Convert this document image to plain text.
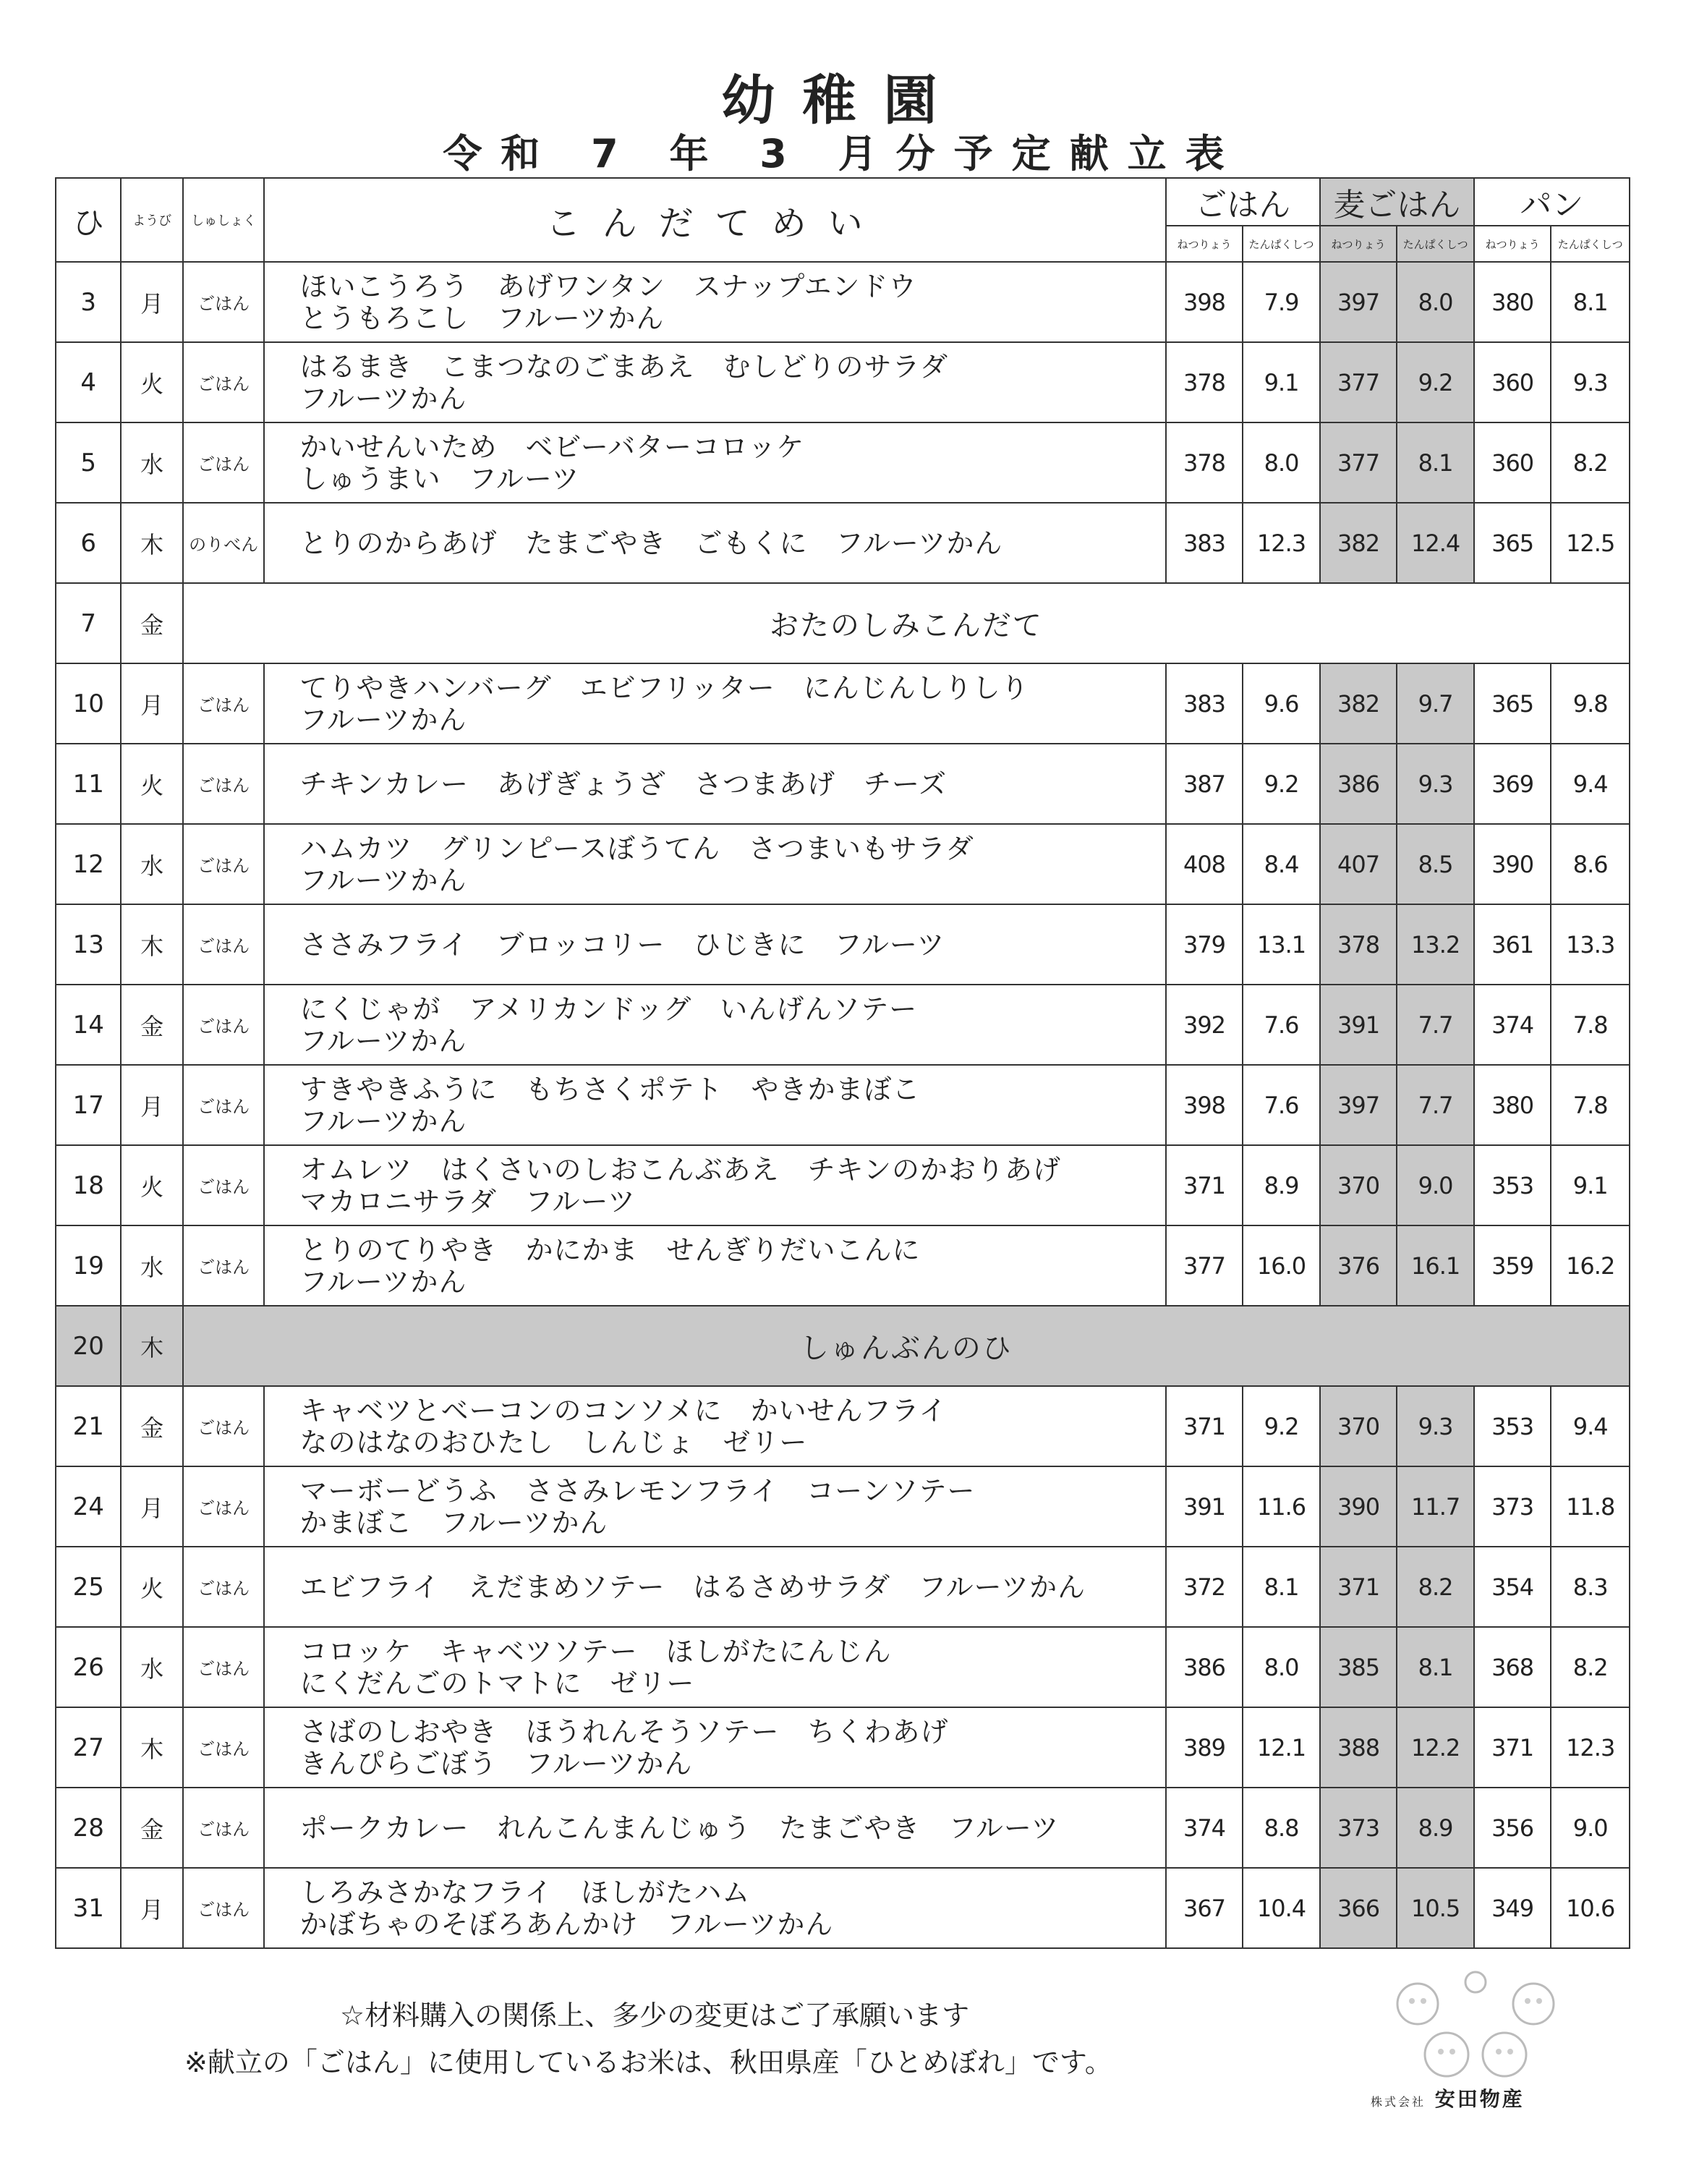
幼稚園
令和 7 年 3 月分予定献立表
ひ	ようび	しゅしょく	こんだてめい	ごはん		麦ごはん		パン	
				ねつりょう	たんぱくしつ	ねつりょう	たんぱくしつ	ねつりょう	たんぱくしつ
3	月	ごはん	ほいこうろう　あげワンタン　スナップエンドウ
とうもろこし　フルーツかん	398	7.9	397	8.0	380	8.1
4	火	ごはん	はるまき　こまつなのごまあえ　むしどりのサラダ
フルーツかん	378	9.1	377	9.2	360	9.3
5	水	ごはん	かいせんいため　ベビーバターコロッケ
しゅうまい　フルーツ	378	8.0	377	8.1	360	8.2
6	木	のりべん	とりのからあげ　たまごやき　ごもくに　フルーツかん	383	12.3	382	12.4	365	12.5
7	金	おたのしみこんだて							
10	月	ごはん	てりやきハンバーグ　エビフリッター　にんじんしりしり
フルーツかん	383	9.6	382	9.7	365	9.8
11	火	ごはん	チキンカレー　あげぎょうざ　さつまあげ　チーズ	387	9.2	386	9.3	369	9.4
12	水	ごはん	ハムカツ　グリンピースぼうてん　さつまいもサラダ
フルーツかん	408	8.4	407	8.5	390	8.6
13	木	ごはん	ささみフライ　ブロッコリー　ひじきに　フルーツ	379	13.1	378	13.2	361	13.3
14	金	ごはん	にくじゃが　アメリカンドッグ　いんげんソテー
フルーツかん	392	7.6	391	7.7	374	7.8
17	月	ごはん	すきやきふうに　もちさくポテト　やきかまぼこ
フルーツかん	398	7.6	397	7.7	380	7.8
18	火	ごはん	オムレツ　はくさいのしおこんぶあえ　チキンのかおりあげ
マカロニサラダ　フルーツ	371	8.9	370	9.0	353	9.1
19	水	ごはん	とりのてりやき　かにかま　せんぎりだいこんに
フルーツかん	377	16.0	376	16.1	359	16.2
20	木	しゅんぶんのひ							
21	金	ごはん	キャベツとベーコンのコンソメに　かいせんフライ
なのはなのおひたし　しんじょ　ゼリー	371	9.2	370	9.3	353	9.4
24	月	ごはん	マーボーどうふ　ささみレモンフライ　コーンソテー
かまぼこ　フルーツかん	391	11.6	390	11.7	373	11.8
25	火	ごはん	エビフライ　えだまめソテー　はるさめサラダ　フルーツかん	372	8.1	371	8.2	354	8.3
26	水	ごはん	コロッケ　キャベツソテー　ほしがたにんじん
にくだんごのトマトに　ゼリー	386	8.0	385	8.1	368	8.2
27	木	ごはん	さばのしおやき　ほうれんそうソテー　ちくわあげ
きんぴらごぼう　フルーツかん	389	12.1	388	12.2	371	12.3
28	金	ごはん	ポークカレー　れんこんまんじゅう　たまごやき　フルーツ	374	8.8	373	8.9	356	9.0
31	月	ごはん	しろみさかなフライ　ほしがたハム
かぼちゃのそぼろあんかけ　フルーツかん	367	10.4	366	10.5	349	10.6
☆材料購入の関係上、多少の変更はご了承願います
※献立の「ごはん」に使用しているお米は、秋田県産「ひとめぼれ」です。
株式会社 安田物産
